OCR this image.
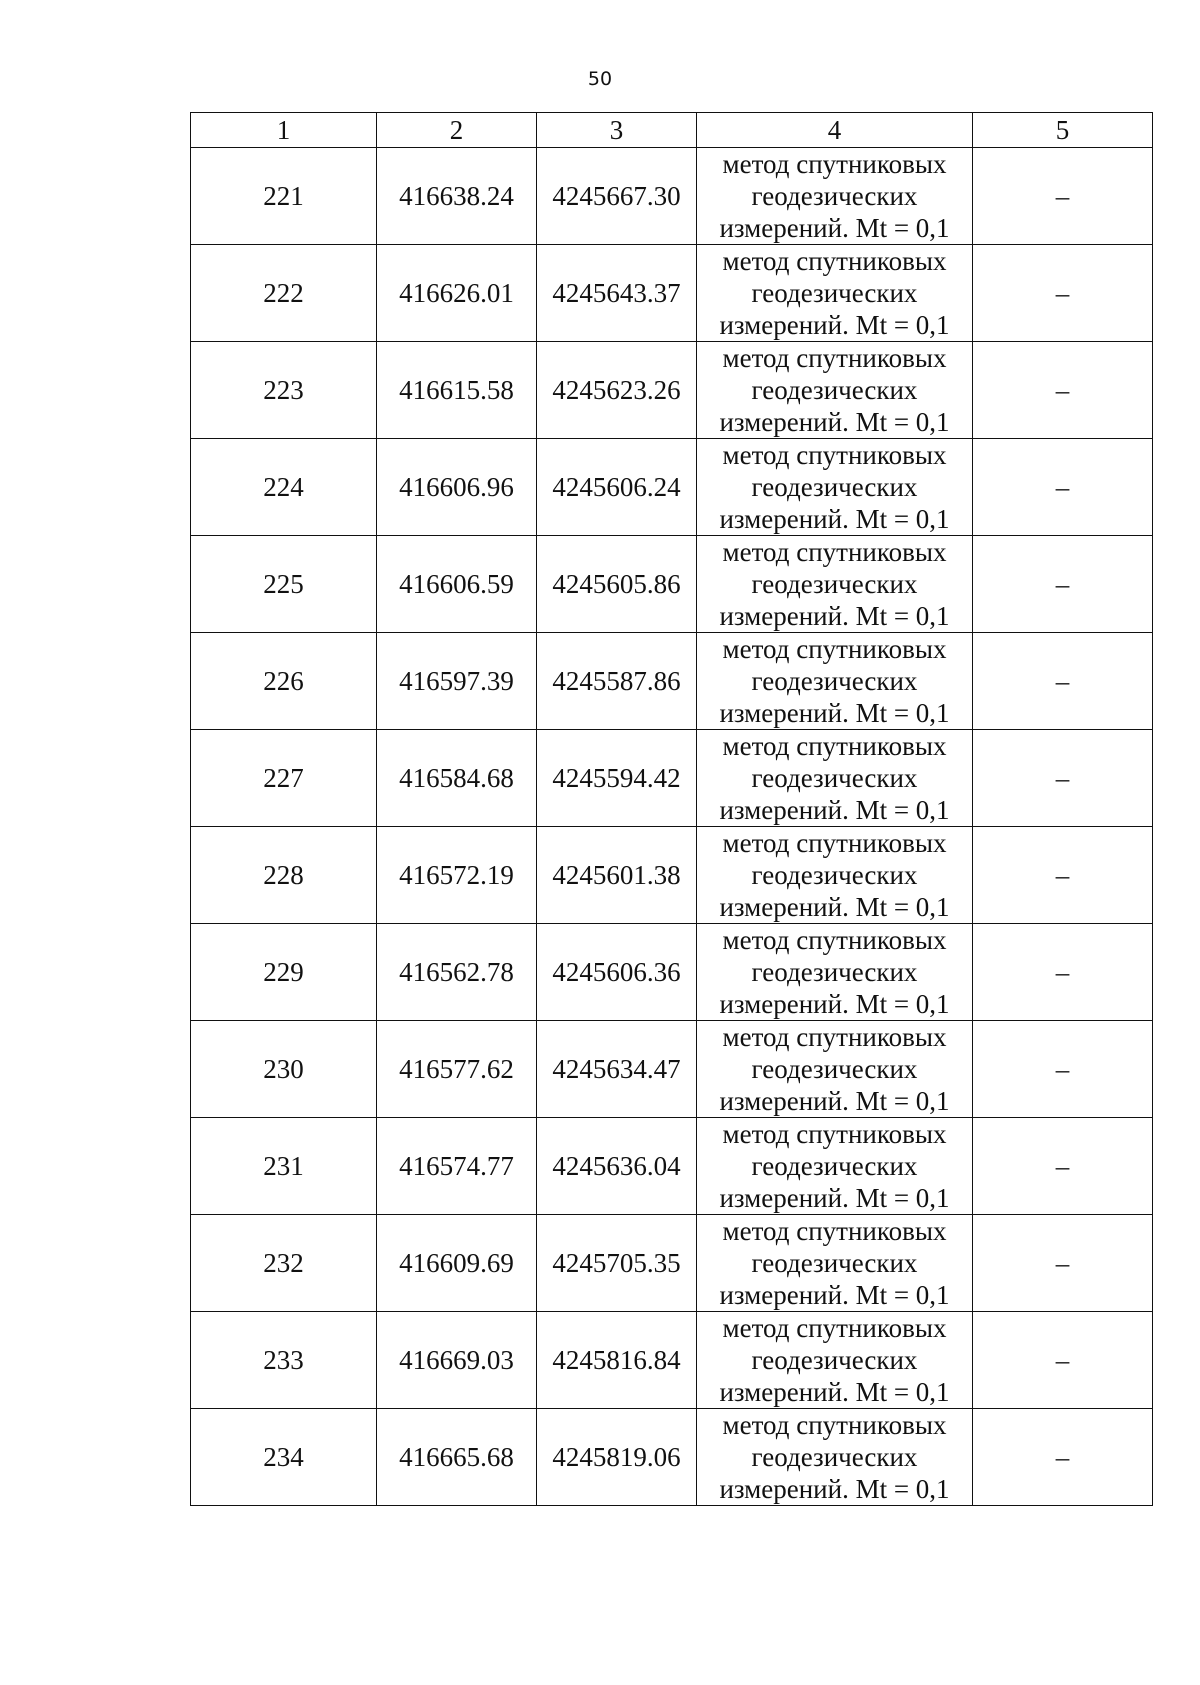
50
1	2	3	4	5
221	416638.24	4245667.30	метод спутниковых геодезических измерений. Mt = 0,1	–
222	416626.01	4245643.37	метод спутниковых геодезических измерений. Mt = 0,1	–
223	416615.58	4245623.26	метод спутниковых геодезических измерений. Mt = 0,1	–
224	416606.96	4245606.24	метод спутниковых геодезических измерений. Mt = 0,1	–
225	416606.59	4245605.86	метод спутниковых геодезических измерений. Mt = 0,1	–
226	416597.39	4245587.86	метод спутниковых геодезических измерений. Mt = 0,1	–
227	416584.68	4245594.42	метод спутниковых геодезических измерений. Mt = 0,1	–
228	416572.19	4245601.38	метод спутниковых геодезических измерений. Mt = 0,1	–
229	416562.78	4245606.36	метод спутниковых геодезических измерений. Mt = 0,1	–
230	416577.62	4245634.47	метод спутниковых геодезических измерений. Mt = 0,1	–
231	416574.77	4245636.04	метод спутниковых геодезических измерений. Mt = 0,1	–
232	416609.69	4245705.35	метод спутниковых геодезических измерений. Mt = 0,1	–
233	416669.03	4245816.84	метод спутниковых геодезических измерений. Mt = 0,1	–
234	416665.68	4245819.06	метод спутниковых геодезических измерений. Mt = 0,1	–
